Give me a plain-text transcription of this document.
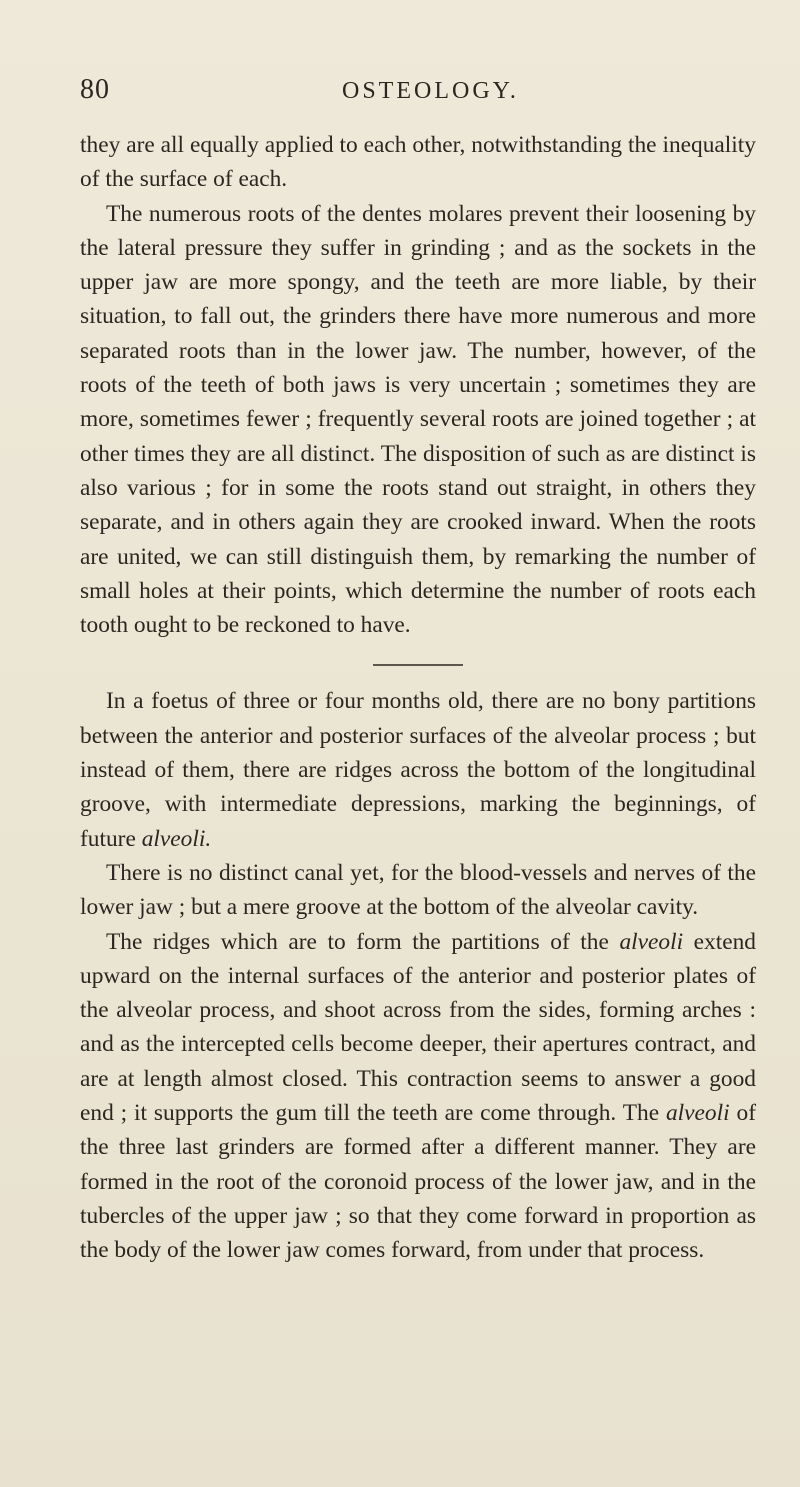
80	OSTEOLOGY.

they are all equally applied to each other, notwithstanding the inequality of the surface of each.

The numerous roots of the dentes molares prevent their loosening by the lateral pressure they suffer in grinding ; and as the sockets in the upper jaw are more spongy, and the teeth are more liable, by their situation, to fall out, the grinders there have more numerous and more separated roots than in the lower jaw. The number, however, of the roots of the teeth of both jaws is very uncertain ; sometimes they are more, sometimes fewer ; frequently several roots are joined together ; at other times they are all distinct. The disposition of such as are distinct is also various ; for in some the roots stand out straight, in others they separate, and in others again they are crooked inward. When the roots are united, we can still distinguish them, by remarking the number of small holes at their points, which determine the number of roots each tooth ought to be reckoned to have.

In a foetus of three or four months old, there are no bony partitions between the anterior and posterior surfaces of the alveolar process ; but instead of them, there are ridges across the bottom of the longitudinal groove, with intermediate depressions, marking the beginnings, of future alveoli.

There is no distinct canal yet, for the blood-vessels and nerves of the lower jaw ; but a mere groove at the bottom of the alveolar cavity.

The ridges which are to form the partitions of the alveoli extend upward on the internal surfaces of the anterior and posterior plates of the alveolar process, and shoot across from the sides, forming arches : and as the intercepted cells become deeper, their apertures contract, and are at length almost closed. This contraction seems to answer a good end ; it supports the gum till the teeth are come through. The alveoli of the three last grinders are formed after a different manner. They are formed in the root of the coronoid process of the lower jaw, and in the tubercles of the upper jaw ; so that they come forward in proportion as the body of the lower jaw comes forward, from under that process.
